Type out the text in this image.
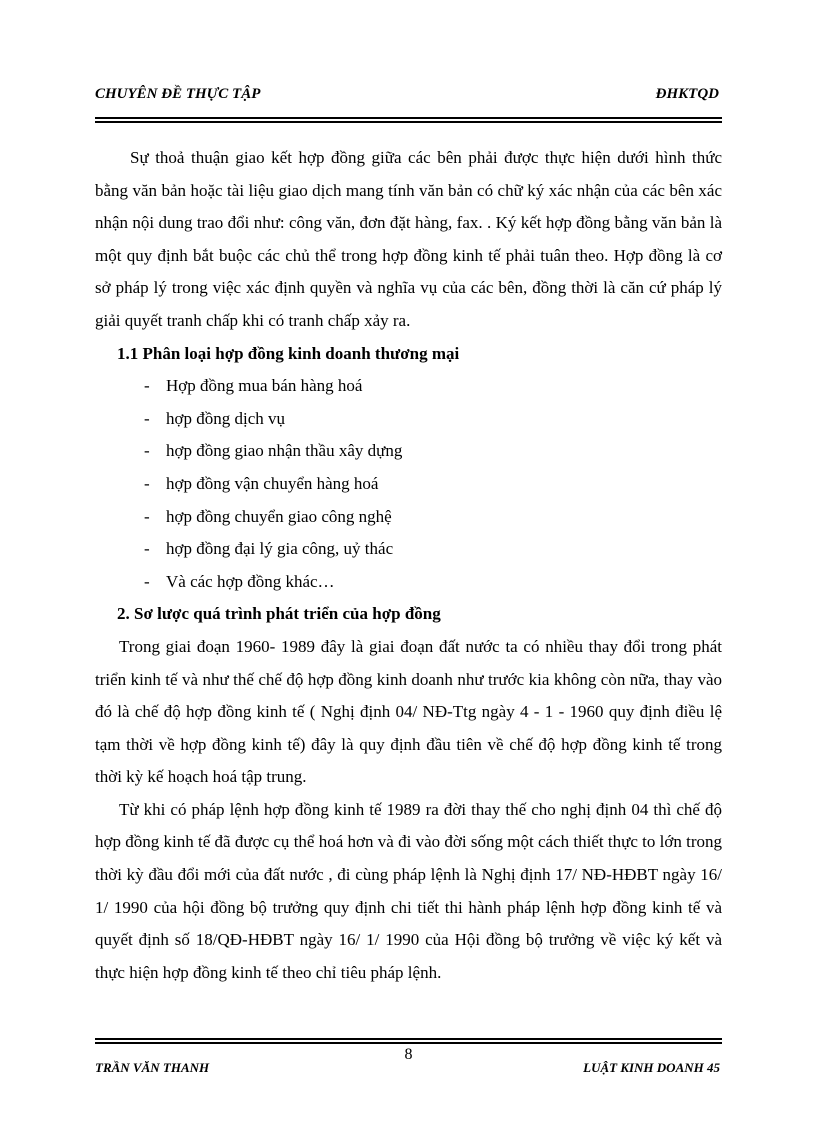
CHUYÊN ĐỀ THỰC TẬP	ĐHKTQD

Sự thoả thuận giao kết hợp đồng giữa các bên phải được thực hiện dưới hình thức bằng văn bản hoặc tài liệu giao dịch mang tính văn bản có chữ ký xác nhận của các bên xác nhận nội dung trao đổi như: công văn, đơn đặt hàng, fax. . Ký kết hợp đồng bằng văn bản là một quy định bắt buộc các chủ thể trong hợp đồng kinh tế phải tuân theo. Hợp đồng là cơ sở pháp lý trong việc xác định quyền và nghĩa vụ của các bên, đồng thời là căn cứ pháp lý giải quyết tranh chấp khi có tranh chấp xảy ra.

1.1 Phân loại hợp đồng kinh doanh thương mại

- Hợp đồng mua bán hàng hoá
- hợp đồng dịch vụ
- hợp đồng giao nhận thầu xây dựng
- hợp đồng vận chuyển hàng hoá
- hợp đồng chuyển giao công nghệ
- hợp đồng đại lý gia công, uỷ thác
- Và các hợp đồng khác…

2. Sơ lược quá trình phát triển của hợp đồng

Trong giai đoạn 1960- 1989 đây là giai đoạn đất nước ta có nhiều thay đổi trong phát triển kinh tế và như thế chế độ hợp đồng kinh doanh như trước kia không còn nữa, thay vào đó là chế độ hợp đồng kinh tế ( Nghị định 04/ NĐ-Ttg ngày 4 - 1 - 1960 quy định điều lệ tạm thời về hợp đồng kinh tế) đây là quy định đầu tiên về chế độ hợp đồng kinh tế trong thời kỳ kế hoạch hoá tập trung.

Từ khi có pháp lệnh hợp đồng kinh tế 1989 ra đời thay thế cho nghị định 04 thì chế độ hợp đồng kinh tế đã được cụ thể hoá hơn và đi vào đời sống một cách thiết thực to lớn trong thời kỳ đầu đổi mới của đất nước , đi cùng pháp lệnh là Nghị định 17/ NĐ-HĐBT ngày 16/ 1/ 1990 của hội đồng bộ trưởng quy định chi tiết thi hành pháp lệnh hợp đồng kinh tế và quyết định số 18/QĐ-HĐBT ngày 16/ 1/ 1990 của Hội đồng bộ trưởng về việc ký kết và thực hiện hợp đồng kinh tế theo chỉ tiêu pháp lệnh.

8
TRẦN VĂN THANH	LUẬT KINH DOANH 45
